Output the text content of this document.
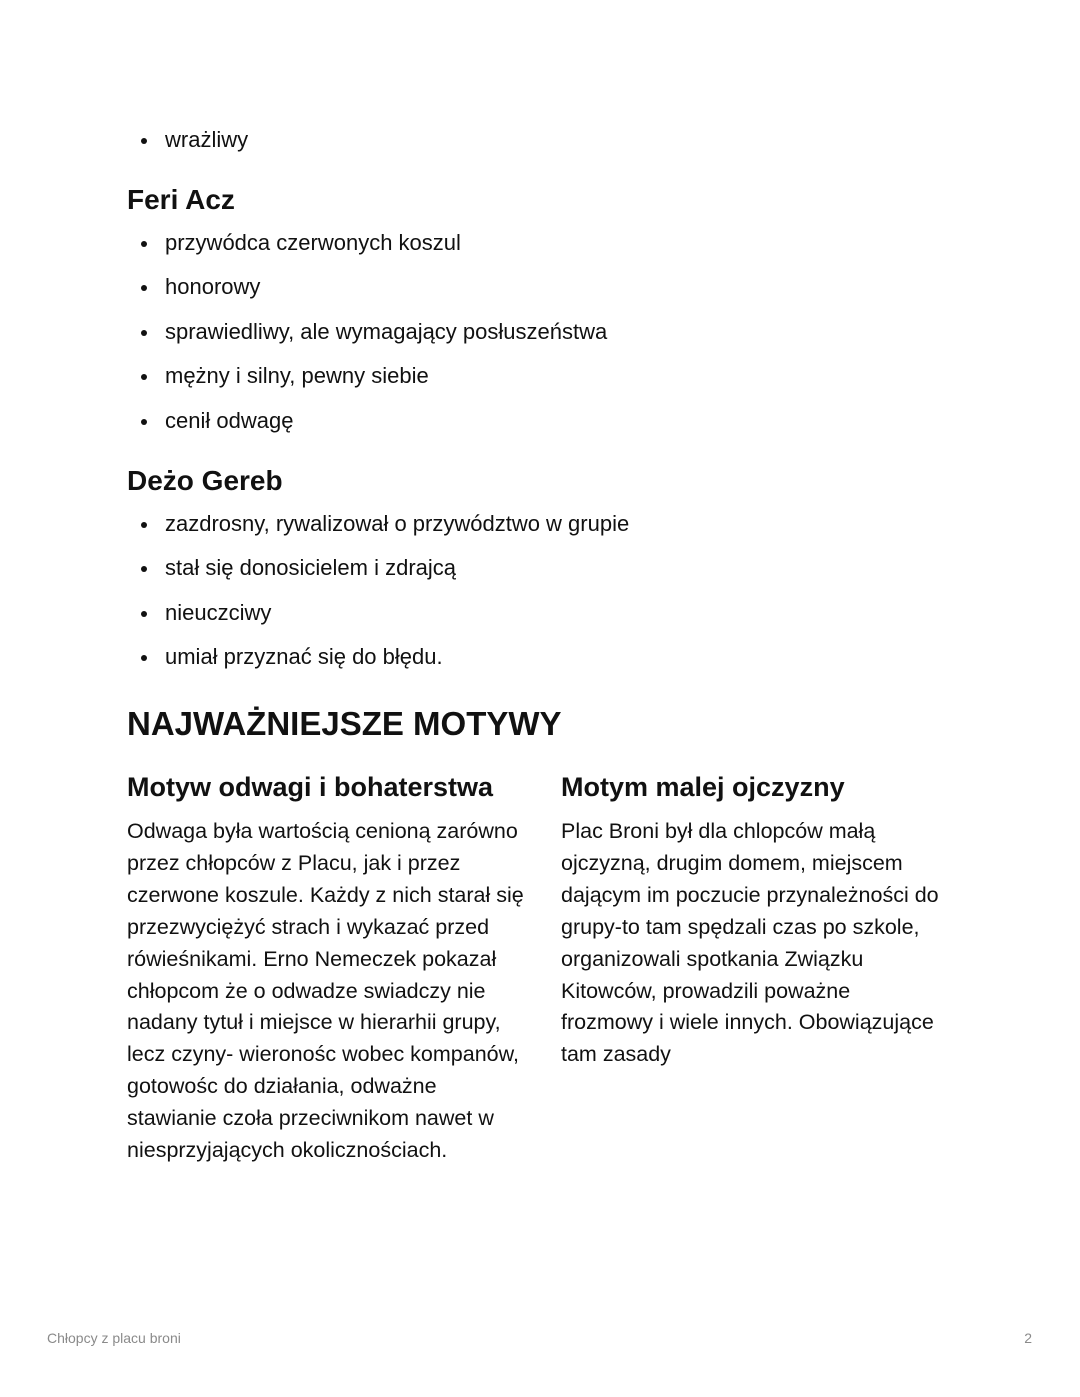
wrażliwy
Feri Acz
przywódca czerwonych koszul
honorowy
sprawiedliwy, ale wymagający posłuszeństwa
mężny i silny, pewny siebie
cenił odwagę
Deżo Gereb
zazdrosny, rywalizował o przywództwo w grupie
stał się donosicielem i zdrajcą
nieuczciwy
umiał przyznać się do błędu.
NAJWAŻNIEJSZE MOTYWY
Motyw odwagi i bohaterstwa

Odwaga była wartością cenioną zarówno przez chłopców z Placu, jak i przez czerwone koszule. Każdy z nich starał się przezwyciężyć strach i wykazać przed rówieśnikami. Erno Nemeczek pokazał chłopcom że o odwadze swiadczy nie nadany tytuł i miejsce w hierarhii grupy, lecz czyny- wieronośc wobec kompanów, gotowośc do działania, odważne stawianie czoła przeciwnikom nawet w niesprzyjających okolicznościach.

Motym malej ojczyzny

Plac Broni był dla chlopców małą ojczyzną, drugim domem, miejscem dającym im poczucie przynależności do grupy-to tam spędzali czas po szkole, organizowali spotkania Związku Kitowców, prowadzili poważne frozmowy i wiele innych. Obowiązujące tam zasady

Chłopcy z placu broni	2
